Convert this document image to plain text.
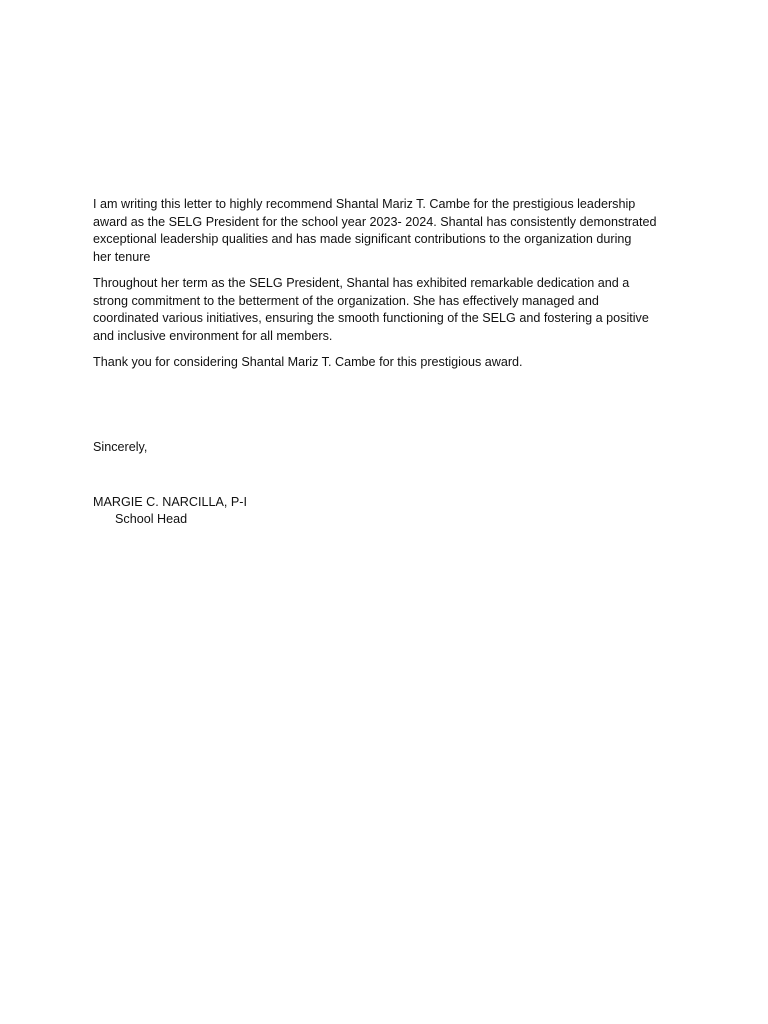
I am writing this letter to highly recommend Shantal Mariz T. Cambe for the prestigious leadership
award as the SELG President for the school year 2023- 2024. Shantal has consistently demonstrated
exceptional leadership qualities and has made significant contributions to the organization during
her tenure

Throughout her term as the SELG President, Shantal has exhibited remarkable dedication and a
strong commitment to the betterment of the organization. She has effectively managed and
coordinated various initiatives, ensuring the smooth functioning of the SELG and fostering a positive
and inclusive environment for all members.

Thank you for considering Shantal Mariz T. Cambe for this prestigious award.

Sincerely,

MARGIE C. NARCILLA, P-I
School Head
